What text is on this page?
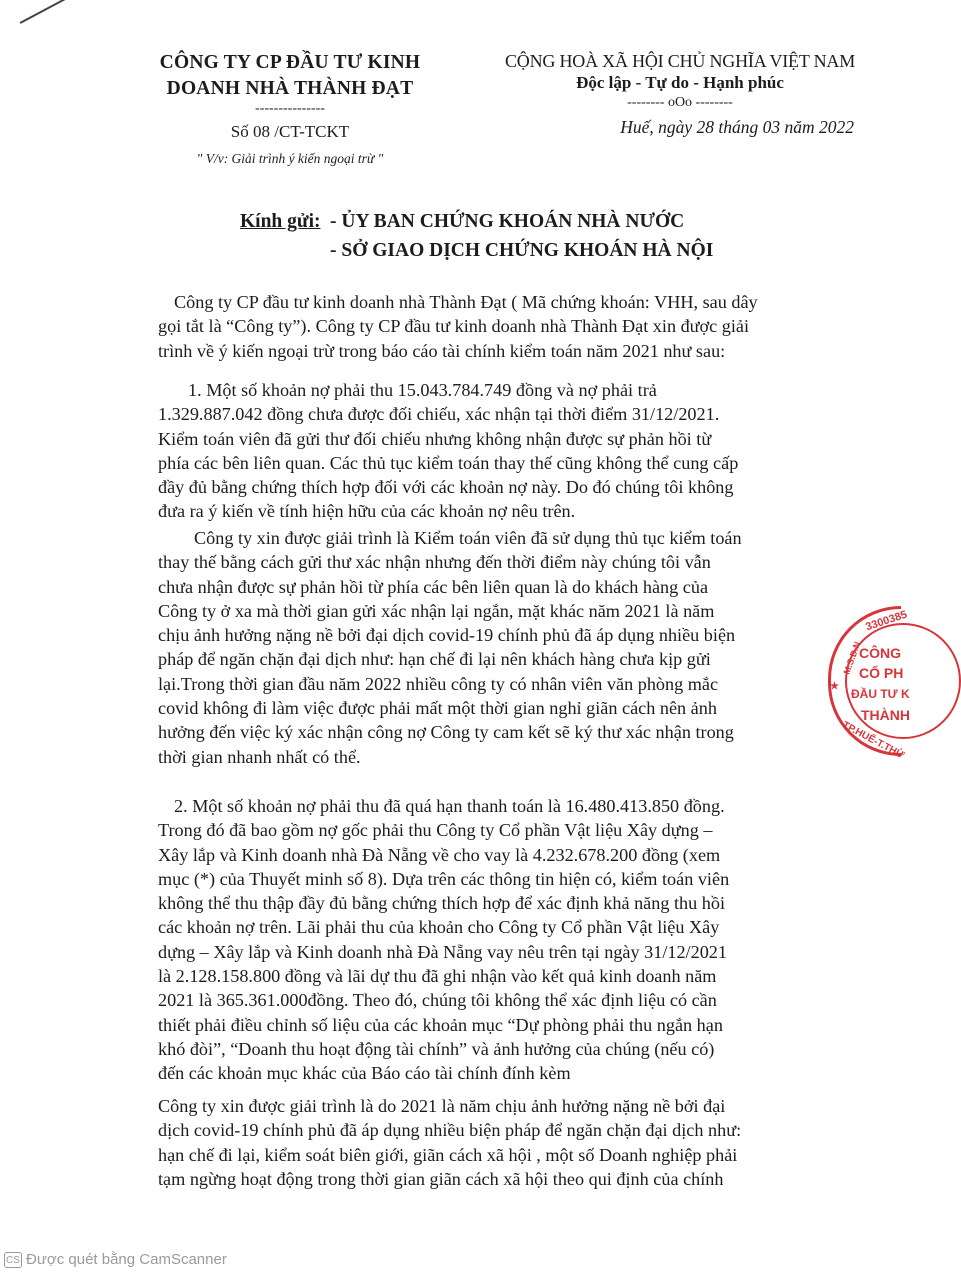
CÔNG TY CP ĐẦU TƯ KINH
DOANH NHÀ THÀNH ĐẠT
---------------
Số 08 /CT-TCKT
" V/v: Giải trình ý kiến ngoại trừ "
CỘNG HOÀ XÃ HỘI CHỦ NGHĨA VIỆT NAM
Độc lập - Tự do - Hạnh phúc
-------- oOo --------
Huế, ngày 28 tháng 03 năm 2022
Kính gửi: - ỦY BAN CHỨNG KHOÁN NHÀ NƯỚC
- SỞ GIAO DỊCH CHỨNG KHOÁN HÀ NỘI
Công ty CP đầu tư kinh doanh nhà Thành Đạt ( Mã chứng khoán: VHH, sau dây
gọi tắt là “Công ty”). Công ty CP đầu tư kinh doanh nhà Thành Đạt xin được giải
trình về ý kiến ngoại trừ trong báo cáo tài chính kiểm toán năm 2021 như sau:
1. Một số khoản nợ phải thu 15.043.784.749 đồng và nợ phải trả
1.329.887.042 đồng chưa được đối chiếu, xác nhận tại thời điểm 31/12/2021.
Kiểm toán viên đã gửi thư đối chiếu nhưng không nhận được sự phản hồi từ
phía các bên liên quan. Các thủ tục kiểm toán thay thế cũng không thể cung cấp
đầy đủ bằng chứng thích hợp đối với các khoản nợ này. Do đó chúng tôi không
đưa ra ý kiến về tính hiện hữu của các khoản nợ nêu trên.
Công ty xin được giải trình là Kiểm toán viên đã sử dụng thủ tục kiểm toán
thay thế bằng cách gửi thư xác nhận nhưng đến thời điểm này chúng tôi vẫn
chưa nhận được sự phản hồi từ phía các bên liên quan là do khách hàng của
Công ty ở xa mà thời gian gửi xác nhận lại ngắn, mặt khác năm 2021 là năm
chịu ảnh hưởng nặng nề bởi đại dịch covid-19 chính phủ đã áp dụng nhiều biện
pháp để ngăn chặn đại dịch như: hạn chế đi lại nên khách hàng chưa kịp gửi
lại.Trong thời gian đầu năm 2022 nhiều công ty có nhân viên văn phòng mắc
covid không đi làm việc được phải mất một thời gian nghỉ giãn cách nên ảnh
hưởng đến việc ký xác nhận công nợ Công ty cam kết sẽ ký thư xác nhận trong
thời gian nhanh nhất có thể.
3300385
M.S.D.N
CÔNG
CỔ PH
ĐẦU TƯ K
THÀNH
TP.HUẾ-T.THỪ
★
2. Một số khoản nợ phải thu đã quá hạn thanh toán là 16.480.413.850 đồng.
Trong đó đã bao gồm nợ gốc phải thu Công ty Cổ phần Vật liệu Xây dựng –
Xây lắp và Kinh doanh nhà Đà Nẵng về cho vay là 4.232.678.200 đồng (xem
mục (*) của Thuyết minh số 8). Dựa trên các thông tin hiện có, kiểm toán viên
không thể thu thập đầy đủ bằng chứng thích hợp để xác định khả năng thu hồi
các khoản nợ trên. Lãi phải thu của khoản cho Công ty Cổ phần Vật liệu Xây
dựng – Xây lắp và Kinh doanh nhà Đà Nẵng vay nêu trên tại ngày 31/12/2021
là 2.128.158.800 đồng và lãi dự thu đã ghi nhận vào kết quả kinh doanh năm
2021 là 365.361.000đồng. Theo đó, chúng tôi không thể xác định liệu có cần
thiết phải điều chỉnh số liệu của các khoản mục “Dự phòng phải thu ngắn hạn
khó đòi”, “Doanh thu hoạt động tài chính” và ảnh hưởng của chúng (nếu có)
đến các khoản mục khác của Báo cáo tài chính đính kèm
Công ty xin được giải trình là do 2021 là năm chịu ảnh hưởng nặng nề bởi đại
dịch covid-19 chính phủ đã áp dụng nhiều biện pháp để ngăn chặn đại dịch như:
hạn chế đi lại, kiểm soát biên giới, giãn cách xã hội , một số Doanh nghiệp phải
tạm ngừng hoạt động trong thời gian giãn cách xã hội theo qui định của chính
CS Được quét bằng CamScanner
